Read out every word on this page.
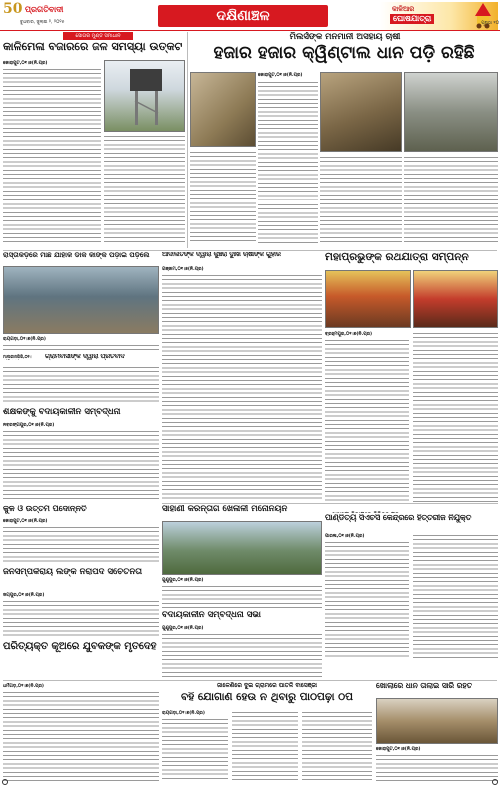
50 ପ୍ରଗତିବାଦୀ
ବୁଧବାର, ଜୁଲାଇ ୨, ୨୦୨୫	ଦକ୍ଷିଣାଞ୍ଚଳ	କାଳିଆର
ଘୋଷଯାତ୍ରା
ପୃଷ୍ଠା ୧୦
ସୋଗର ମୁଣ୍ଡ ସମାଧାନ
କାଳିମେଳା ବଜାରରେ ଜଳ ସମସ୍ୟା ଉତ୍କଟ
କୋରାପୁଟ,୦୧।୭(ନି.ପ୍ର)
ମିଲର୍ସଙ୍କ ମନମାନୀ ଅସହାୟ ଚାଷୀ
ହଜାର ହଜାର କ୍ୱିଣ୍ଟାଲ ଧାନ ପଡ଼ି ରହିଛି
କୋରାପୁଟ,୦୧।୭(ନି.ପ୍ର)
ରାସ୍ତାକଡ଼ରେ ମାଛ ଯାହାଁକ ଡାକ କାଙ୍କ ପଡ଼ାଇ ପଡ଼ିଲେ
ରାୟଗଡ଼ା,୦୧।୭(ନି.ପ୍ର)
ଆଦାଲତଙ୍କ ଦ୍ୱାରା କୁଞ୍ଚିରା ଦୁଃଖ ଚାଷୀଙ୍କ ଗୁହାରି
ଗଞ୍ଜାମ,୦୧।୭(ନି.ପ୍ର)
ମହାପ୍ରଭୁଙ୍କ ରଥଯାତ୍ରା ସମ୍ପନ୍ନ
ବ୍ରହ୍ମପୁର,୦୧।୭(ନି.ପ୍ର)
ଗ୍ରାମବାସୀଙ୍କ ଦ୍ୱାରା ପ୍ରତିବାଦ
ମାଲକାନଗିରି,୦୧।
ଶିକ୍ଷକଙ୍କୁ ବିଦାୟକାଳୀନ ସମ୍ବର୍ଦ୍ଧନା
ନବରଙ୍ଗପୁର,୦୧।୭(ନି.ପ୍ର)
ସାହାଣୀ କରନ୍ତାଗି ଖେଳାଳୀ ମନୋନୟନ
ଗୁଣୁପୁର,୦୧।୭(ନି.ପ୍ର)
କୁଳ ଓ ଉତ୍ତମ ପଦୋନ୍ନତି
କୋରାପୁଟ,୦୧।୭(ନି.ପ୍ର)	ପାଣ୍ଡିତ୍ୟ ସିଏଚସି କେନ୍ଦ୍ରରେ ହିତ୍ତରୀଜ ନିଯୁକ୍ତ
ପାରଳା,୦୧।୭(ନି.ପ୍ର)
ଜନସମ୍ପର୍କରାୟ ଲିଙ୍କ ନିରାପଦ ସଚେତନତା
ଜୟପୁର,୦୧।୭(ନି.ପ୍ର)
ବିଦାୟକାଳୀନ ସମ୍ବର୍ଦ୍ଧନା ସଭା
ଗୁଣୁପୁର,୦୧।୭(ନି.ପ୍ର)
ପରିତ୍ୟକ୍ତ କୂଅରେ ଯୁବକଙ୍କ ମୃତଦେହ
ଧର୍ମଗଡ଼,୦୧।୭(ନି.ପ୍ର)	ଜାଳେଣିରେ ଦୁଇ ଗ୍ରାମରେ ପାତଳି ବାସେଞ୍ଜା
ବହି ଯୋଗାଣ ହେଉ ନ ଥିବାରୁ ପାଠପଢ଼ା ଠପ
ରାୟଗଡ଼ା,୦୧।୭(ନି.ପ୍ର)
ଖୋଲାରେ ଧାନ ତାଲାଇ ସାରି ରହତ
କୋରାପୁଟ,୦୧।୭(ନି.ପ୍ର)
